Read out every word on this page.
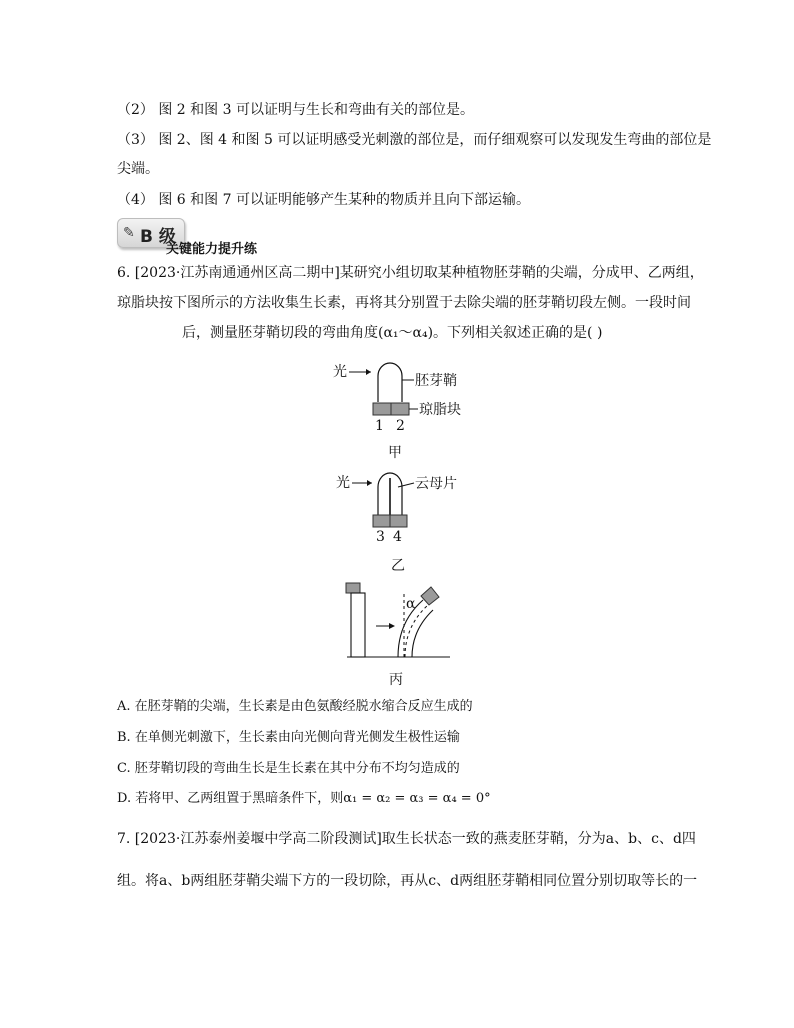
（2） 图 2 和图 3 可以证明与生长和弯曲有关的部位是。
（3） 图 2、图 4 和图 5 可以证明感受光刺激的部位是，而仔细观察可以发现发生弯曲的部位是
尖端。
（4） 图 6 和图 7 可以证明能够产生某种的物质并且向下部运输。
✎ B 级
关键能力提升练
6. [2023·江苏南通通州区高二期中]某研究小组切取某种植物胚芽鞘的尖端，分成甲、乙两组，
琼脂块按下图所示的方法收集生长素，再将其分别置于去除尖端的胚芽鞘切段左侧。一段时间
后，测量胚芽鞘切段的弯曲角度(α₁～α₄)。下列相关叙述正确的是( )
光
胚芽鞘
琼脂块
1 2
甲
光	云母片
3 4
乙
α
丙
A. 在胚芽鞘的尖端，生长素是由色氨酸经脱水缩合反应生成的
B. 在单侧光刺激下，生长素由向光侧向背光侧发生极性运输
C. 胚芽鞘切段的弯曲生长是生长素在其中分布不均匀造成的
D. 若将甲、乙两组置于黑暗条件下，则α₁ = α₂ = α₃ = α₄ = 0°
7. [2023·江苏泰州姜堰中学高二阶段测试]取生长状态一致的燕麦胚芽鞘，分为a、b、c、d四
组。将a、b两组胚芽鞘尖端下方的一段切除，再从c、d两组胚芽鞘相同位置分别切取等长的一
